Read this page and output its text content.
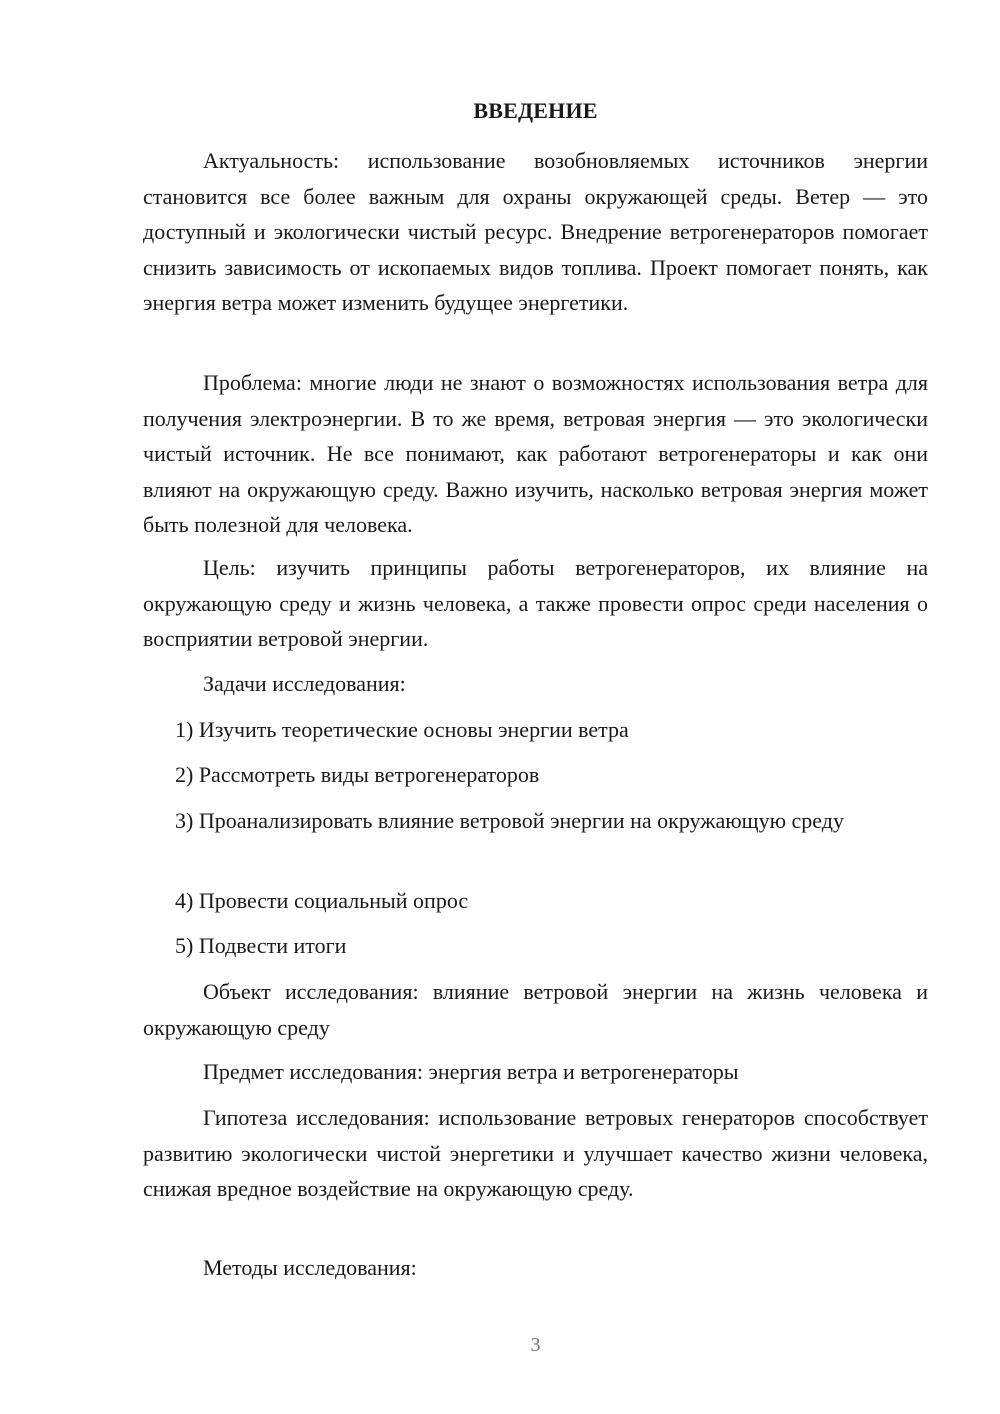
ВВЕДЕНИЕ

Актуальность: использование возобновляемых источников энергии становится все более важным для охраны окружающей среды. Ветер — это доступный и экологически чистый ресурс. Внедрение ветрогенераторов помогает снизить зависимость от ископаемых видов топлива. Проект помогает понять, как энергия ветра может изменить будущее энергетики.

Проблема: многие люди не знают о возможностях использования ветра для получения электроэнергии. В то же время, ветровая энергия — это экологически чистый источник. Не все понимают, как работают ветрогенераторы и как они влияют на окружающую среду. Важно изучить, насколько ветровая энергия может быть полезной для человека.

Цель: изучить принципы работы ветрогенераторов, их влияние на окружающую среду и жизнь человека, а также провести опрос среди населения о восприятии ветровой энергии.

Задачи исследования:

1) Изучить теоретические основы энергии ветра

2) Рассмотреть виды ветрогенераторов

3) Проанализировать влияние ветровой энергии на окружающую среду

4) Провести социальный опрос

5) Подвести итоги

Объект исследования: влияние ветровой энергии на жизнь человека и окружающую среду

Предмет исследования: энергия ветра и ветрогенераторы

Гипотеза исследования: использование ветровых генераторов способствует развитию экологически чистой энергетики и улучшает качество жизни человека, снижая вредное воздействие на окружающую среду.

Методы исследования:

3
